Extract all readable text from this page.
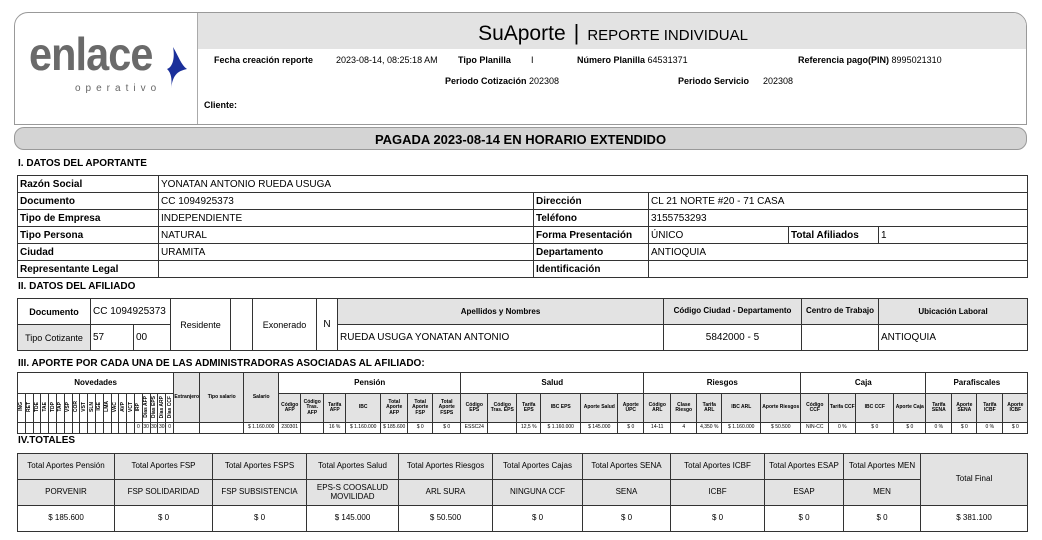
enlace
operativo
SuAporte | REPORTE INDIVIDUAL
Fecha creación reporte	2023-08-14, 08:25:18 AM Tipo Planilla I	Número Planilla 64531371	Referencia pago(PIN) 8995021310
Periodo Cotización 202308	Periodo Servicio 202308
Cliente:
PAGADA 2023-08-14 EN HORARIO EXTENDIDO
I. DATOS DEL APORTANTE
Razón Social	YONATAN ANTONIO RUEDA USUGA				
Documento	CC 1094925373	Dirección	CL 21 NORTE #20 - 71 CASA		
Tipo de Empresa	INDEPENDIENTE	Teléfono	3155753293		
Tipo Persona	NATURAL	Forma Presentación	ÚNICO	Total Afiliados	1
Ciudad	URAMITA	Departamento	ANTIOQUIA		
Representante Legal		Identificación			
II. DATOS DEL AFILIADO
Documento	CC 1094925373		Residente		Exonerado	N	Apellidos y Nombres	Código Ciudad - Departamento	Centro de Trabajo	Ubicación Laboral
Tipo Cotizante	57	00					RUEDA USUGA YONATAN ANTONIO	5842000 - 5		ANTIOQUIA
III. APORTE POR CADA UNA DE LAS ADMINISTRADORAS ASOCIADAS AL AFILIADO:
Novedades																				Extranjero	Tipo salario	Salario	Pensión							Salud						Riesgos					Caja				Parafiscales			
ING	RET	TDE	TAE	TDP	TAP	VSP	COR	VST	SLN	IGE	LMA	VAC	AVP	VCT	IRP	Días AFP	Días EPS	Días ARP	Días CCF				Código AFP	Código Tras. AFP	Tarifa AFP	IBC	Total Aporte AFP	Total Aporte FSP	Total Aporte FSPS	Código EPS	Código Tras. EPS	Tarifa EPS	IBC EPS	Aporte Salud	Aporte UPC	Código ARL	Clase Riesgo	Tarifa ARL	IBC ARL	Aporte Riesgos	Código CCF	Tarifa CCF	IBC CCF	Aporte Caja	Tarifa SENA	Aporte SENA	Tarifa ICBF	Aporte ICBF
															0	30	30	30	0			$ 1.160.000	230301		16 %	$ 1.160.000	$ 185.600	$ 0	$ 0	ESSC24		12,5 %	$ 1.160.000	$ 145.000	$ 0	14-11	4	4,350 %	$ 1.160.000	$ 50.500	NIN-CC	0 %	$ 0	$ 0	0 %	$ 0	0 %	$ 0
IV.TOTALES
Total Aportes Pensión	Total Aportes FSP	Total Aportes FSPS	Total Aportes Salud	Total Aportes Riesgos	Total Aportes Cajas	Total Aportes SENA	Total Aportes ICBF	Total Aportes ESAP	Total Aportes MEN	Total Final
PORVENIR	FSP SOLIDARIDAD	FSP SUBSISTENCIA	EPS-S COOSALUD MOVILIDAD	ARL SURA	NINGUNA CCF	SENA	ICBF	ESAP	MEN	
$ 185.600	$ 0	$ 0	$ 145.000	$ 50.500	$ 0	$ 0	$ 0	$ 0	$ 0	$ 381.100
